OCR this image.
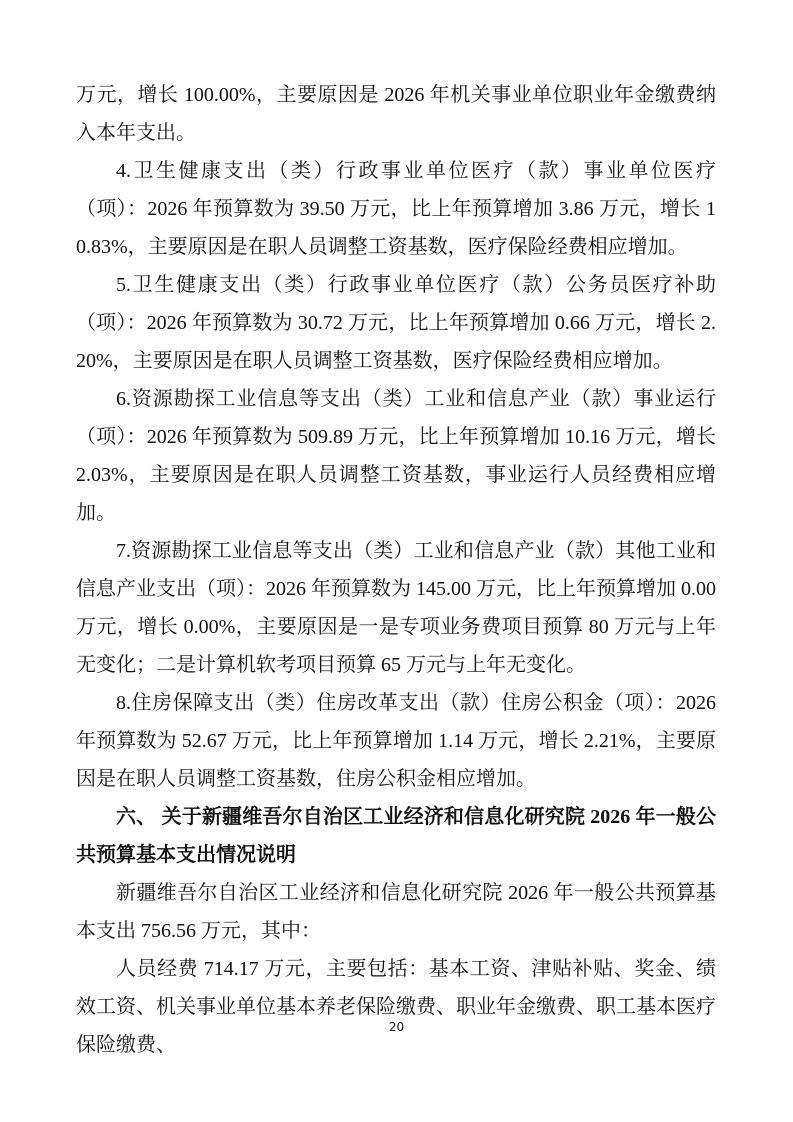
万元，增长 100.00%，主要原因是 2026 年机关事业单位职业年金缴费纳入本年支出。

4.卫生健康支出（类）行政事业单位医疗（款）事业单位医疗（项）：2026 年预算数为 39.50 万元，比上年预算增加 3.86 万元，增长 10.83%，主要原因是在职人员调整工资基数，医疗保险经费相应增加。

5.卫生健康支出（类）行政事业单位医疗（款）公务员医疗补助（项）：2026 年预算数为 30.72 万元，比上年预算增加 0.66 万元，增长 2.20%，主要原因是在职人员调整工资基数，医疗保险经费相应增加。

6.资源勘探工业信息等支出（类）工业和信息产业（款）事业运行（项）：2026 年预算数为 509.89 万元，比上年预算增加 10.16 万元，增长 2.03%，主要原因是在职人员调整工资基数，事业运行人员经费相应增加。

7.资源勘探工业信息等支出（类）工业和信息产业（款）其他工业和信息产业支出（项）：2026 年预算数为 145.00 万元，比上年预算增加 0.00 万元，增长 0.00%，主要原因是一是专项业务费项目预算 80 万元与上年无变化；二是计算机软考项目预算 65 万元与上年无变化。

8.住房保障支出（类）住房改革支出（款）住房公积金（项）：2026 年预算数为 52.67 万元，比上年预算增加 1.14 万元，增长 2.21%，主要原因是在职人员调整工资基数，住房公积金相应增加。

六、 关于新疆维吾尔自治区工业经济和信息化研究院 2026 年一般公共预算基本支出情况说明

新疆维吾尔自治区工业经济和信息化研究院 2026 年一般公共预算基本支出 756.56 万元，其中：

人员经费 714.17 万元，主要包括：基本工资、津贴补贴、奖金、绩效工资、机关事业单位基本养老保险缴费、职业年金缴费、职工基本医疗保险缴费、

20
